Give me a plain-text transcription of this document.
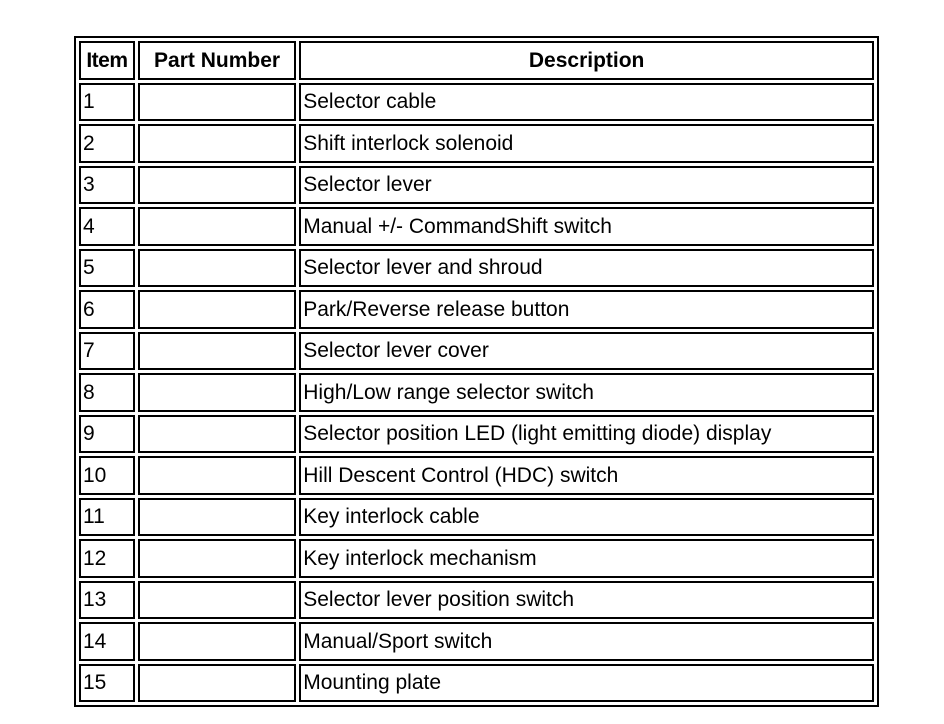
Item	Part Number	Description
1		Selector cable
2		Shift interlock solenoid
3		Selector lever
4		Manual +/- CommandShift switch
5		Selector lever and shroud
6		Park/Reverse release button
7		Selector lever cover
8		High/Low range selector switch
9		Selector position LED (light emitting diode) display
10		Hill Descent Control (HDC) switch
11		Key interlock cable
12		Key interlock mechanism
13		Selector lever position switch
14		Manual/Sport switch
15		Mounting plate
